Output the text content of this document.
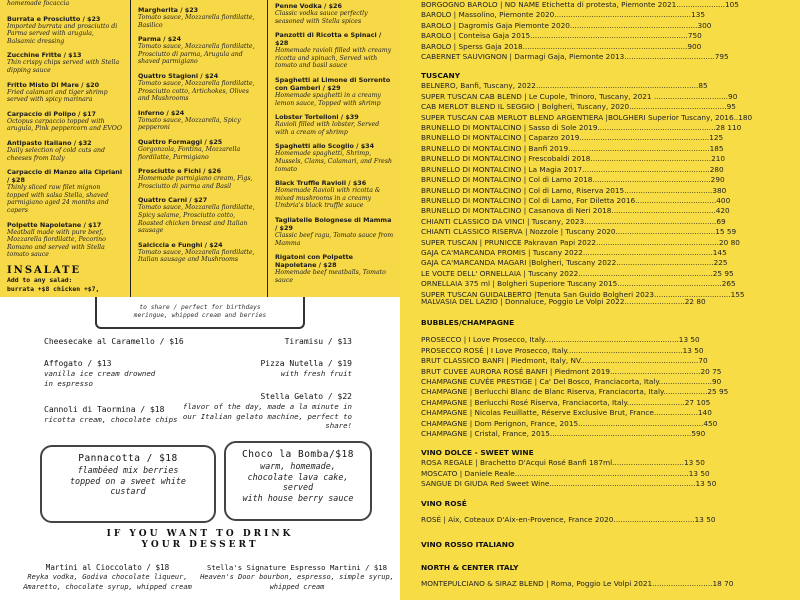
homemade focaccia
Burrata e Prosciutto / $23
Imported burrata and prosciutto di Parma served with arugula, Balsamic dressing
Zucchine Fritte / $13
Thin crispy chips served with Stella dipping sauce
Fritto Misto Di Mare / $20
Fried calamari and tiger shrimp served with spicy marinara
Carpaccio di Polipo / $17
Octopus carpaccio topped with arugula, Pink peppercorn and EVOO
Antipasto Italiano / $32
Daily selection of cold cuts and cheeses from Italy
Carpaccio di Manzo alla Cipriani / $28
Thinly sliced raw filet mignon topped with salsa Stella, shaved parmigiano aged 24 months and capers
Polpette Napoletane / $17
Meatball made with pure beef, Mozzarella fiordilatte, Pecorino Romano and served with Stella tomato sauce
INSALATE
Add to any salad:
burrata +$8 chicken +$7,
Margherita / $23
Tomato sauce, Mozzarella fiordilatte, Basilico
Parma / $24
Tomato sauce, Mozzarella fiordilatte, Prosciutto di parma, Arugula and shaved parmigiano
Quattro Stagioni / $24
Tomato sauce, Mozzarella fiordilatte, Prosciutto cotto, Artichokes, Olives and Mushrooms
Inferno / $24
Tomato sauce, Mozzarella, Spicy pepperoni
Quattro Formaggi / $25
Gorgonzola, Fontina, Mozzarella fiordilatte, Parmigiano
Prosciutto e Fichi / $26
Homemade parmigiano cream, Figs, Prosciutto di parma and Basil
Quattro Carni / $27
Tomato sauce, Mozzarella fiordilatte, Spicy salame, Prosciutto cotto, Roasted chicken breast and Italian sausage
Salciccia e Funghi / $24
Tomato sauce, Mozzarella fiordilatte, Italian sausage and Mushrooms
Penne Vodka / $26
Classic vodka sauce perfectly seasoned with Stella spices
Panzotti di Ricotta e Spinaci / $28
Homemade ravioli filled with creamy ricotta and spinach, Served with tomato and basil sauce
Spaghetti al Limone di Sorrento con Gamberi / $29
Homemade spaghetti in a creamy lemon sauce, Topped with shrimp
Lobster Tortelloni / $39
Ravioli filled with lobster, Served with a cream of shrimp
Spaghetti allo Scoglio / $34
Homemade spaghetti, Shrimp, Mussels, Clams, Calamari, and Fresh tomato
Black Truffle Ravioli / $36
Homemade Ravioli with ricotta & mixed mushrooms in a creamy Umbria's black truffle sauce
Tagliatelle Bolognese di Mamma / $29
Classic beef ragu, Tomato sauce from Mamma
Rigatoni con Polpette Napoletane / $28
Homemade beef meatballs, Tomato sauce
to share / perfect for birthdays
meringue, whipped cream and berries
Cheesecake al Caramello / $16	Tiramisu / $13
Affogato / $13
vanilla ice cream drowned
in espresso
Pizza Nutella / $19
with fresh fruit
Cannoli di Taormina / $18
ricotta cream, chocolate chips
Stella Gelato / $22
flavor of the day, made a la minute in
our Italian gelato machine, perfect to
share!
Pannacotta / $18
flambéed mix berries
topped on a sweet white
custard
Choco la Bomba/$18
warm, homemade,
chocolate lava cake, served
with house berry sauce
IF YOU WANT TO DRINK
YOUR DESSERT
Martini al Cioccolato / $18
Reyka vodka, Godiva chocolate liqueur,
Amaretto, chocolate syrup, whipped cream
Stella's Signature Espresso Martini / $18
Heaven's Door bourbon, espresso, simple syrup,
whipped cream
BORGOGNO BAROLO | NO NAME Etichetta di protesta, Piemonte 2021.....................105
BAROLO | Massolino, Piemonte 2020...........................................................135
BAROLO | Dagromis Gaja Piemonte 2020.......................................................300
BAROLO | Conteisa Gaja 2015....................................................................750
BAROLO | Sperss Gaja 2018.......................................................................900
CABERNET SAUVIGNON | Darmagi Gaja, Piemonte 2013.......................................795
TUSCANY
BELNERO, Banfi, Tuscany, 2022......................................................................85
SUPER TUSCAN CAB BLEND | Le Cupole, Trinoro, Tuscany, 2021 ................................90
CAB MERLOT BLEND IL SEGGIO | Bolgheri, Tuscany, 2020..........................................95
SUPER TUSCAN CAB MERLOT BLEND ARGENTIERA |BOLGHERI Superior Tuscany, 2016..180
BRUNELLO DI MONTALCINO | Sasso di Sole 2019...................................................28 110
BRUNELLO DI MONTALCINO | Caparzo 2019........................................................125
BRUNELLO DI MONTALCINO | Banfi 2019.............................................................185
BRUNELLO DI MONTALCINO | Frescobaldi 2018....................................................210
BRUNELLO DI MONTALCINO | La Magia 2017.......................................................280
BRUNELLO DI MONTALCINO | Col di Lamo 2018...................................................290
BRUNELLO DI MONTALCINO | Col di Lamo, Riserva 2015......................................380
BRUNELLO DI MONTALCINO | Col di Lamo, For Diletta 2016...................................400
BRUNELLO DI MONTALCINO | Casanova di Neri 2018.............................................420
CHIANTI CLASSICO DA VINCI | Tuscany, 2023.........................................................69
CHIANTI CLASSICO RISERVA | Nozzole | Tuscany 2020...........................................15 59
SUPER TUSCAN | PRUNICCE Pakravan Papi 2022.....................................................20 80
GAJA CA'MARCANDA PROMIS | Tuscany 2022........................................................145
GAJA CA'MARCANDA MAGARI |Bolgheri, Tuscany 2022..........................................225
LE VOLTE DELL' ORNELLAIA | Tuscany 2022..........................................................25 95
ORNELLAIA 375 ml | Bolgheri Superiore Tuscany 2015.............................................265
SUPER TUSCAN GUIDALBERTO |Tenuta San Guido Bolgheri 2023.................................155
MALVASIA DEL LAZIO | Donnaluce, Poggio Le Volpi 2022..........................22 80
BUBBLES/CHAMPAGNE
PROSECCO | I Love Prosecco, Italy..........................................................13 50
PROSECCO ROSÉ | I Love Prosecco, Italy..................................................13 50
BRUT CLASSICO BANFI | Piedmont, Italy, NV...................................................70
BRUT CUVEE AURORA ROSÉ BANFI | Piedmont 2019.......................................20 75
CHAMPAGNE CUVÉE PRESTIGE | Ca' Del Bosco, Franciacorta, Italy.......................90
CHAMPAGNE | Berlucchi Blanc de Blanc Riserva, Franciacorta, Italy...................25 95
CHAMPAGNE | Berlucchi Rosé Riserva, Franciacorta, Italy.........................27 105
CHAMPAGNE | Nicolas Feuillatte, Réserve Exclusive Brut, France...................140
CHAMPAGNE | Dom Perignon, France, 2015......................................................450
CHAMPAGNE | Cristal, France, 2015.............................................................590
VINO DOLCE - SWEET WINE
ROSA REGALE | Brachetto D'Acqui Rosé Banfi 187ml...............................13 50
MOSCATO | Daniele Reale...........................................................................13 50
SANGUE DI GIUDA Red Sweet Wine...............................................................13 50
VINO ROSÉ
ROSÉ | Aix, Coteaux D'Aix-en-Provence, France 2020...................................13 50
VINO ROSSO ITALIANO
NORTH & CENTER ITALY
MONTEPULCIANO & SIRAZ BLEND | Roma, Poggio Le Volpi 2021..........................18 70
